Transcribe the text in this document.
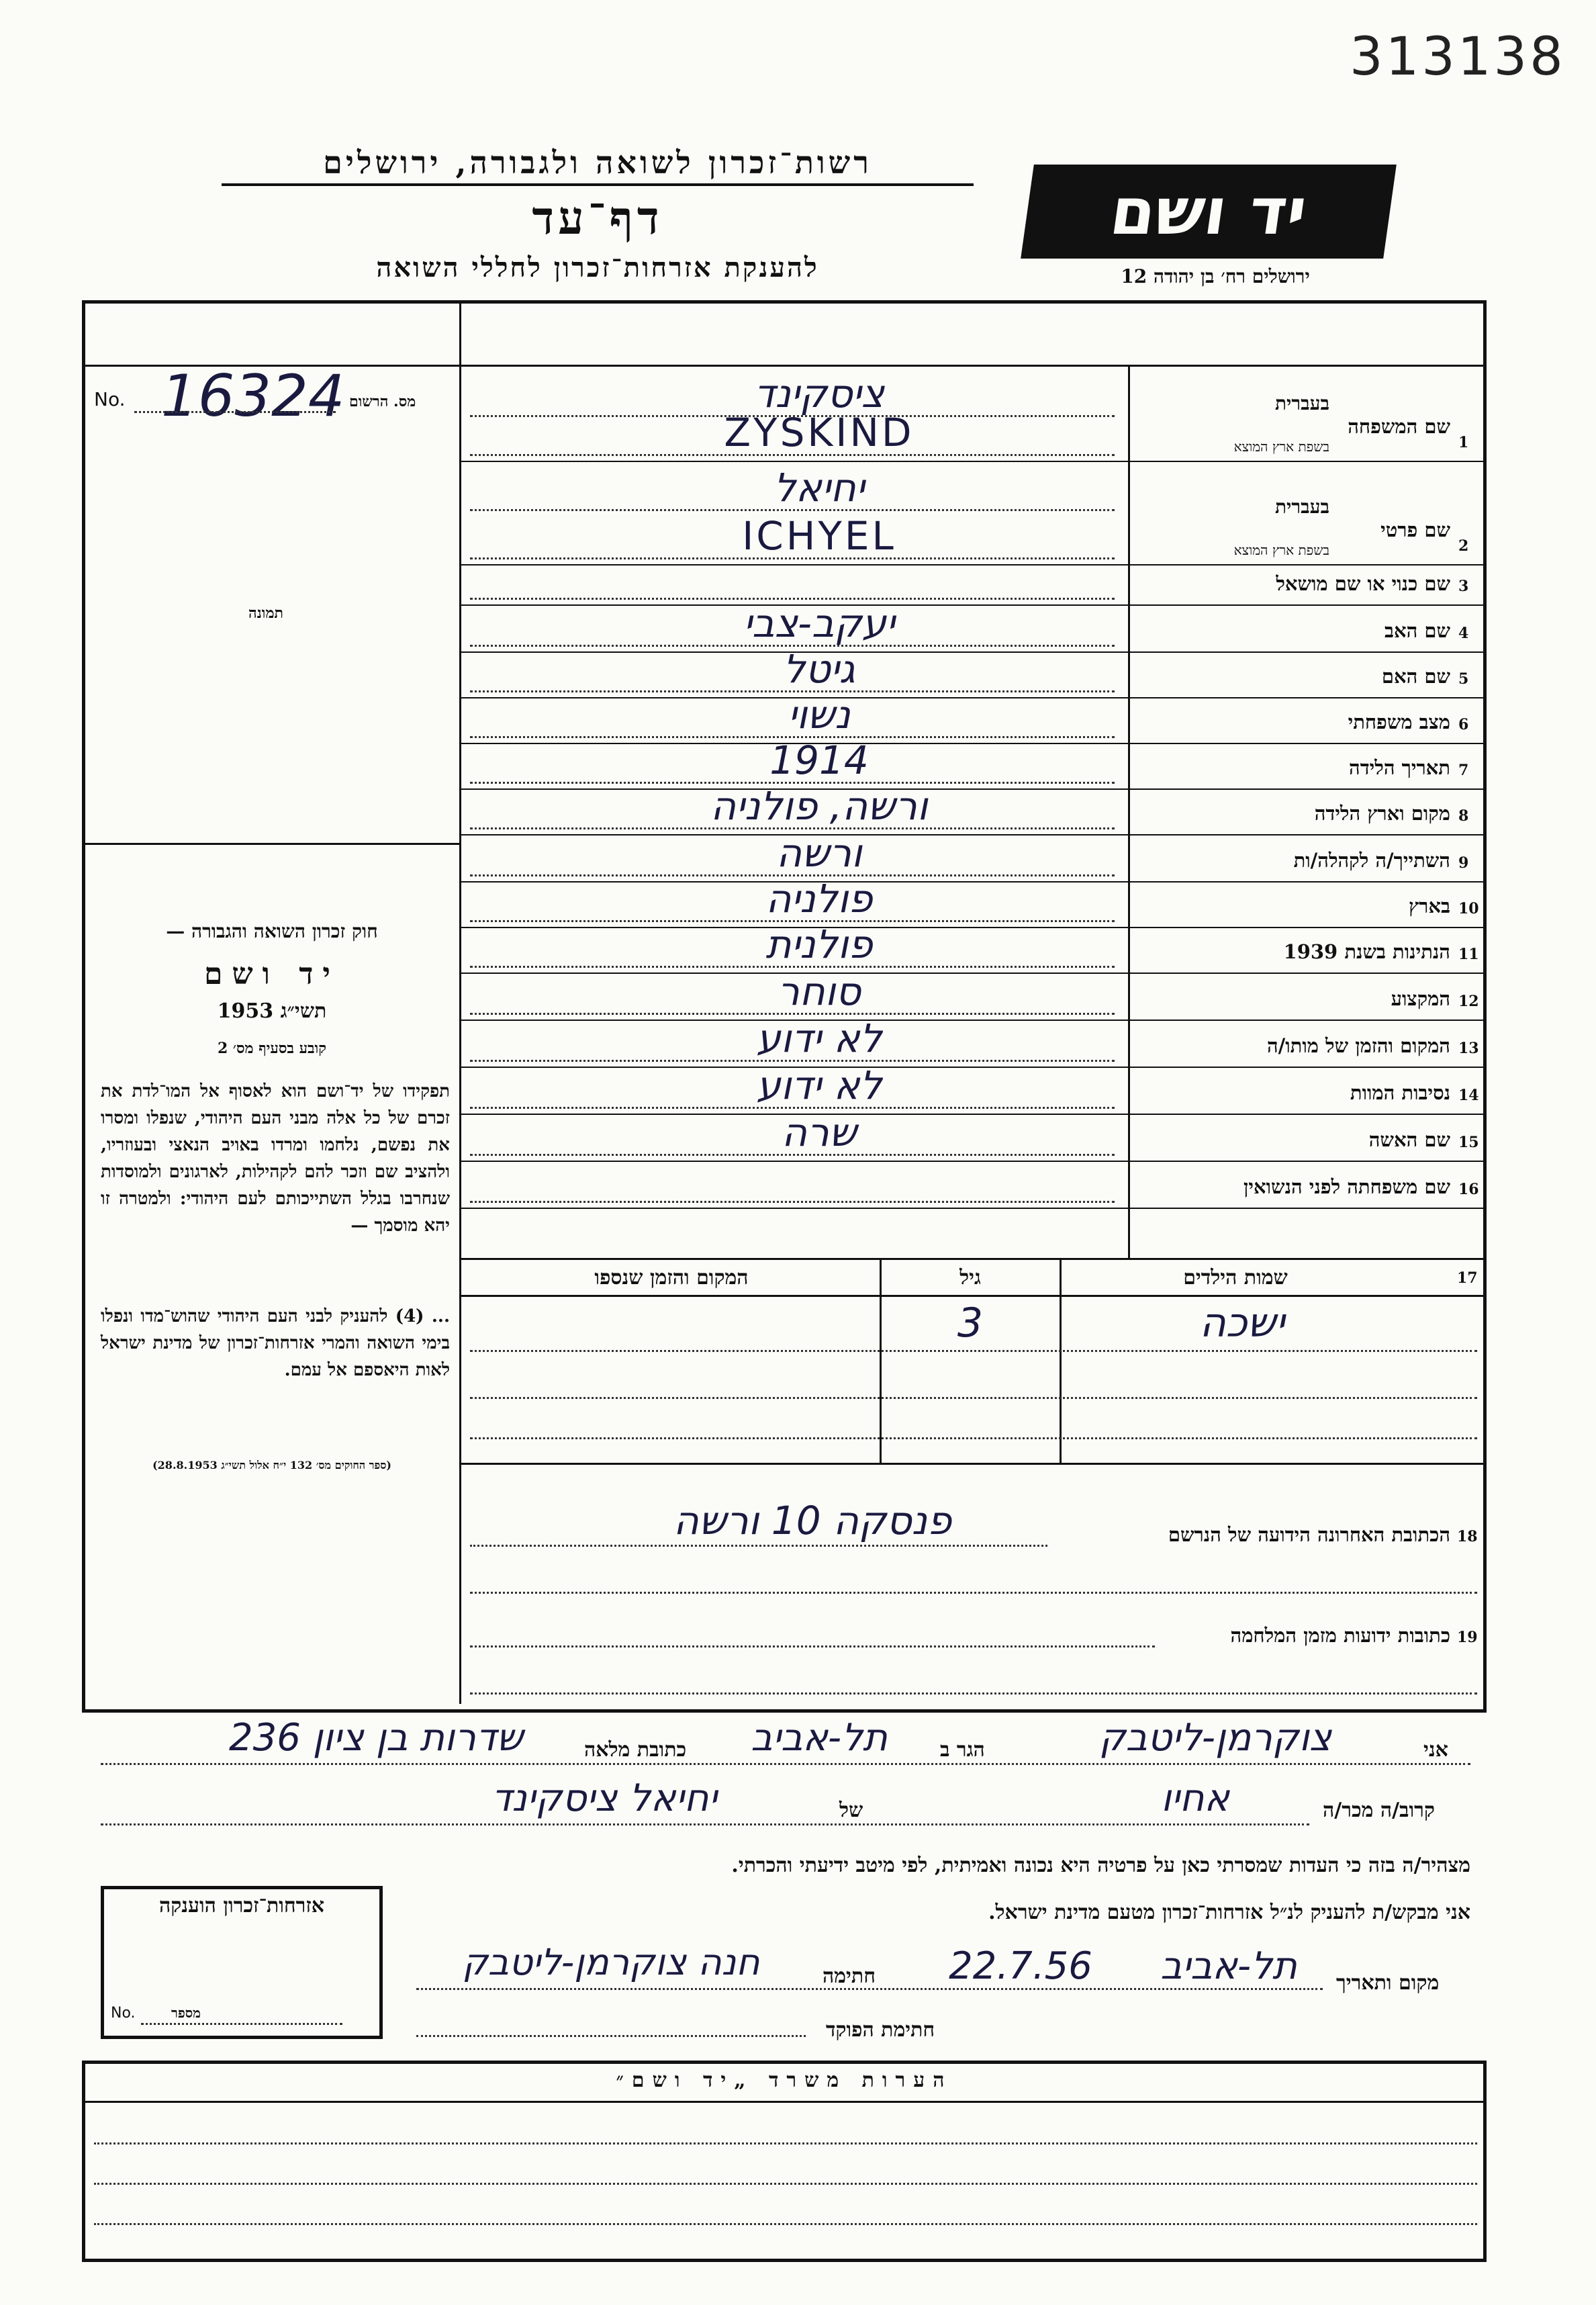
313138
רשות־זכרון לשואה ולגבורה, ירושלים
דף־עד
להענקת אזרחות־זכרון לחללי השואה
יד ושם
ירושלים רח׳ בן יהודה 12
No. 16324 מס. הרשום
תמונה
חוק זכרון השואה והגבורה —
יד ושם
תשי״ג 1953
קובע בסעיף מס׳ 2
תפקידו של יד־ושם הוא לאסוף אל המו־לדת את זכרם של כל אלה מבני העם היהודי, שנפלו ומסרו את נפשם, נלחמו ומרדו באויב הנאצי ובעוזריו, ולהציב שם וזכר להם לקהילות, לארגונים ולמוסדות שנחרבו בגלל השתייכותם לעם היהודי: ולמטרה זו יהא מוסמך —
... (4) להעניק לבני העם היהודי שהוש־מדו ונפלו בימי השואה והמרי אזרחות־זכרון של מדינת ישראל לאות היאספם אל עמם.
(ספר החוקים מס׳ 132 י״ח אלול תשי״ג 28.8.1953)
1
בעברית
שם המשפחה
בשפת ארץ המוצא
ציסקינד
ZYSKIND
2
בעברית
שם פרטי
בשפת ארץ המוצא
יחיאל
ICHYEL
3
שם כנוי או שם מושאל
4
שם האב
יעקב-צבי
5
שם האם
גיטל
6
מצב משפחתי
נשוי
7
תאריך הלידה
1914
8
מקום וארץ הלידה
ורשה, פולניה
9
השתייך/ה לקהלה/ות
ורשה
10
בארץ
פולניה
11
הנתינות בשנת 1939
פולנית
12
המקצוע
סוחר
13
המקום והזמן של מותו/ה
לא ידוע
14
נסיבות המוות
לא ידוע
15
שם האשה
שרה
16
שם משפחתה לפני הנשואין
17
שמות הילדים
גיל
המקום והזמן שנספו
ישכה
3
18
הכתובת האחרונה הידועה של הנרשם
פנסקה 10 ורשה
19
כתובות ידועות מזמן המלחמה
אני
צוקרמן-ליטבק
הגר ב
תל-אביב
כתובת מלאה
שדרות בן ציון 236
קרוב/ה מכר/ה
אחיו
של
יחיאל ציסקינד
מצהיר/ה בזה כי העדות שמסרתי כאן על פרטיה היא נכונה ואמיתית, לפי מיטב ידיעתי והכרתי.
אני מבקש/ת להעניק לנ״ל אזרחות־זכרון מטעם מדינת ישראל.
מקום ותאריך
תל-אביב
22.7.56
חתימה
חנה צוקרמן-ליטבק
חתימת הפוקד
אזרחות־זכרון הוענקה
No.	מספר
הערות משרד „יד ושם״
